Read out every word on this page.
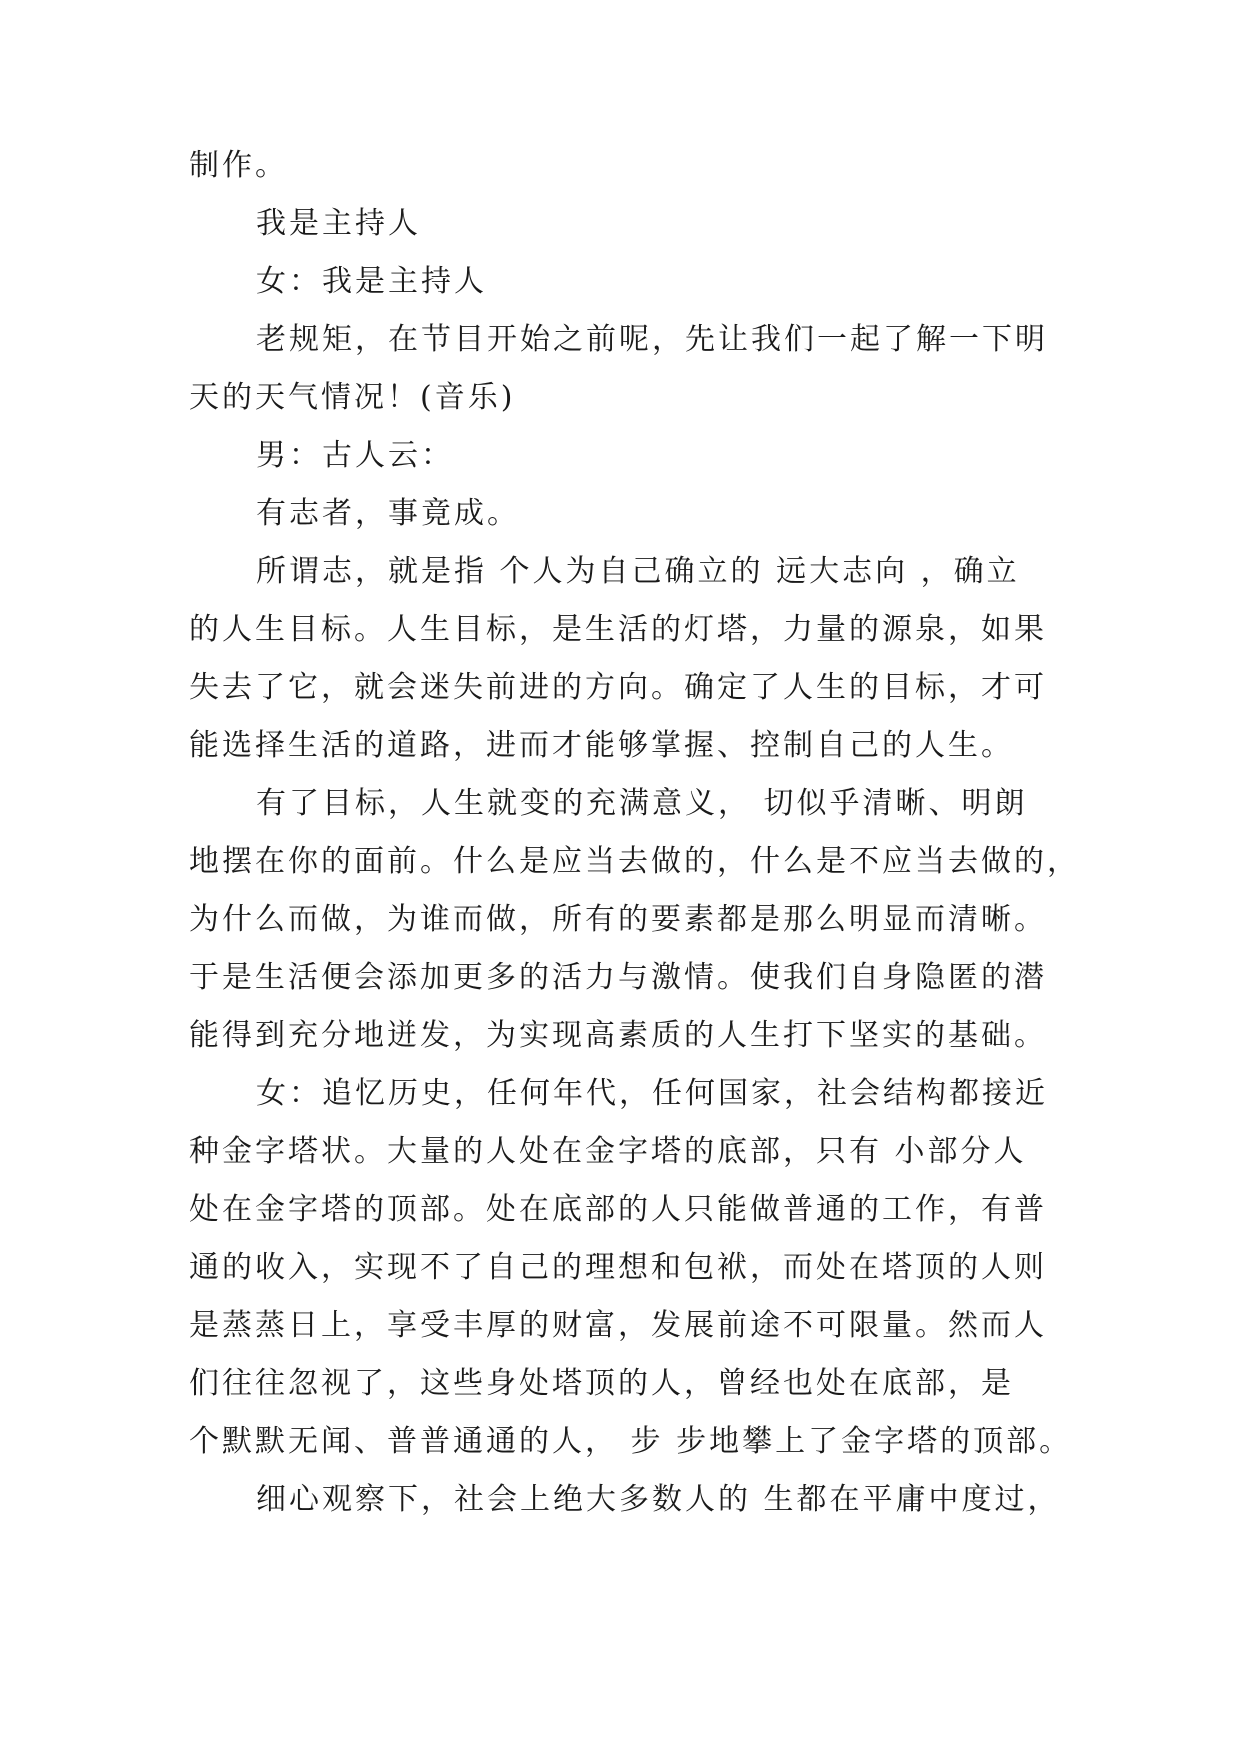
制作。
我是主持人
女：我是主持人
老规矩，在节目开始之前呢，先让我们一起了解一下明
天的天气情况！(音乐)
男：古人云：
有志者，事竟成。
所谓志，就是指 个人为自己确立的 远大志向 ，确立
的人生目标。人生目标，是生活的灯塔，力量的源泉，如果
失去了它，就会迷失前进的方向。确定了人生的目标，才可
能选择生活的道路，进而才能够掌握、控制自己的人生。
有了目标，人生就变的充满意义， 切似乎清晰、明朗
地摆在你的面前。什么是应当去做的，什么是不应当去做的，
为什么而做，为谁而做，所有的要素都是那么明显而清晰。
于是生活便会添加更多的活力与激情。使我们自身隐匿的潜
能得到充分地迸发，为实现高素质的人生打下坚实的基础。
女：追忆历史，任何年代，任何国家，社会结构都接近
种金字塔状。大量的人处在金字塔的底部，只有 小部分人
处在金字塔的顶部。处在底部的人只能做普通的工作，有普
通的收入，实现不了自己的理想和包袱，而处在塔顶的人则
是蒸蒸日上，享受丰厚的财富，发展前途不可限量。然而人
们往往忽视了，这些身处塔顶的人，曾经也处在底部，是
个默默无闻、普普通通的人， 步 步地攀上了金字塔的顶部。
细心观察下，社会上绝大多数人的 生都在平庸中度过，
